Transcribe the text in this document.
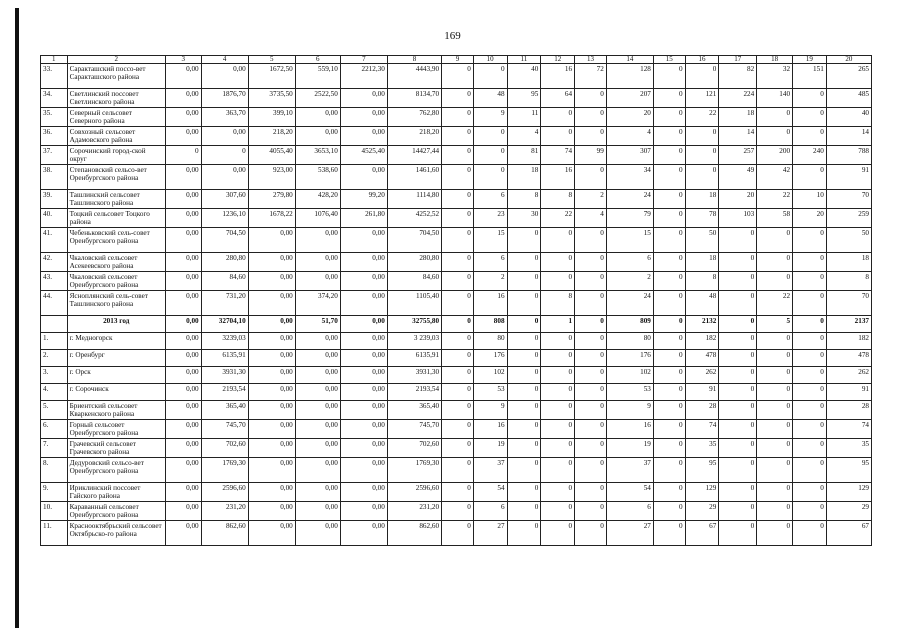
169
1	2	3	4	5	6	7	8	9	10	11	12	13	14	15	16	17	18	19	20
33.	Саракташский поссо-вет Саракташского района	0,00	0,00	1672,50	559,10	2212,30	4443,90	0	0	40	16	72	128	0	0	82	32	151	265
34.	Светлинский поссовет Светлинского района	0,00	1876,70	3735,50	2522,50	0,00	8134,70	0	48	95	64	0	207	0	121	224	140	0	485
35.	Северный сельсовет Северного района	0,00	363,70	399,10	0,00	0,00	762,80	0	9	11	0	0	20	0	22	18	0	0	40
36.	Совхозный сельсовет Адамовского района	0,00	0,00	218,20	0,00	0,00	218,20	0	0	4	0	0	4	0	0	14	0	0	14
37.	Сорочинский город-ской округ	0	0	4055,40	3653,10	4525,40	14427,44	0	0	81	74	99	307	0	0	257	200	240	788
38.	Степановский сельсо-вет Оренбургского района	0,00	0,00	923,00	538,60	0,00	1461,60	0	0	18	16	0	34	0	0	49	42	0	91
39.	Ташлинский сельсовет Ташлинского района	0,00	307,60	279,80	428,20	99,20	1114,80	0	6	8	8	2	24	0	18	20	22	10	70
40.	Тоцкий сельсовет Тоцкого района	0,00	1236,10	1678,22	1076,40	261,80	4252,52	0	23	30	22	4	79	0	78	103	58	20	259
41.	Чебеньковский сель-совет Оренбургского района	0,00	704,50	0,00	0,00	0,00	704,50	0	15	0	0	0	15	0	50	0	0	0	50
42.	Чкаловский сельсовет Асекеевского района	0,00	280,80	0,00	0,00	0,00	280,80	0	6	0	0	0	6	0	18	0	0	0	18
43.	Чкаловский сельсовет Оренбургского района	0,00	84,60	0,00	0,00	0,00	84,60	0	2	0	0	0	2	0	8	0	0	0	8
44.	Ясноплянский сель-совет Ташлинского района	0,00	731,20	0,00	374,20	0,00	1105,40	0	16	0	8	0	24	0	48	0	22	0	70
	2013 год	0,00	32704,10	0,00	51,70	0,00	32755,80	0	808	0	1	0	809	0	2132	0	5	0	2137
1.	г. Медногорск	0,00	3239,03	0,00	0,00	0,00	3 239,03	0	80	0	0	0	80	0	182	0	0	0	182
2.	г. Оренбург	0,00	6135,91	0,00	0,00	0,00	6135,91	0	176	0	0	0	176	0	478	0	0	0	478
3.	г. Орск	0,00	3931,30	0,00	0,00	0,00	3931,30	0	102	0	0	0	102	0	262	0	0	0	262
4.	г. Сорочинск	0,00	2193,54	0,00	0,00	0,00	2193,54	0	53	0	0	0	53	0	91	0	0	0	91
5.	Бриентский сельсовет Кваркенского района	0,00	365,40	0,00	0,00	0,00	365,40	0	9	0	0	0	9	0	28	0	0	0	28
6.	Горный сельсовет Оренбургского района	0,00	745,70	0,00	0,00	0,00	745,70	0	16	0	0	0	16	0	74	0	0	0	74
7.	Грачевский сельсовет Грачевского района	0,00	702,60	0,00	0,00	0,00	702,60	0	19	0	0	0	19	0	35	0	0	0	35
8.	Дедуровский сельсо-вет Оренбургского района	0,00	1769,30	0,00	0,00	0,00	1769,30	0	37	0	0	0	37	0	95	0	0	0	95
9.	Ириклинский поссовет Гайского района	0,00	2596,60	0,00	0,00	0,00	2596,60	0	54	0	0	0	54	0	129	0	0	0	129
10.	Караванный сельсовет Оренбургского района	0,00	231,20	0,00	0,00	0,00	231,20	0	6	0	0	0	6	0	29	0	0	0	29
11.	Краснооктябрьский сельсовет Октябрьско-го района	0,00	862,60	0,00	0,00	0,00	862,60	0	27	0	0	0	27	0	67	0	0	0	67
